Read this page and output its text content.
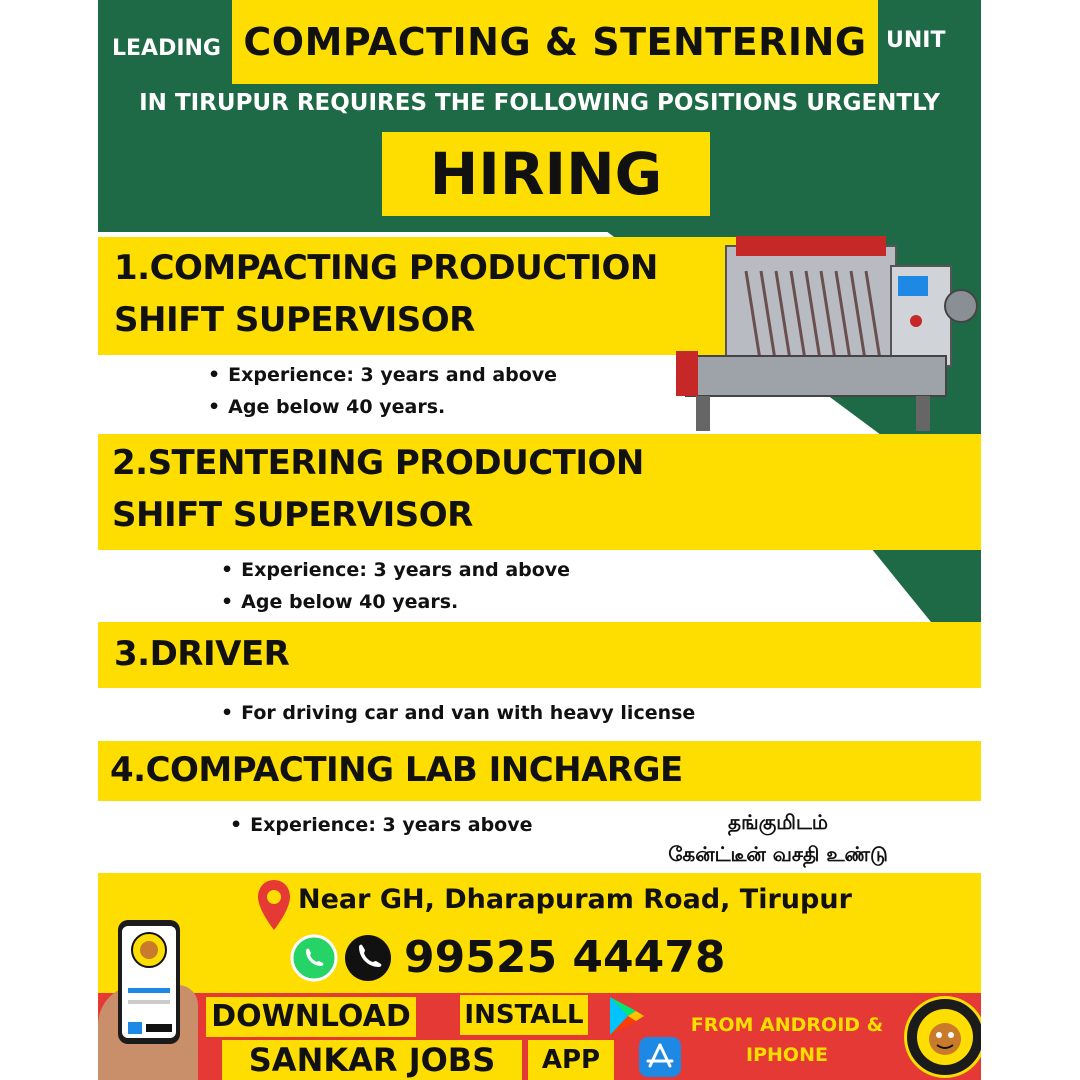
LEADING COMPACTING & STENTERING UNIT
IN TIRUPUR REQUIRES THE FOLLOWING POSITIONS URGENTLY
HIRING
1.COMPACTING PRODUCTION
SHIFT SUPERVISOR
• Experience: 3 years and above
• Age below 40 years.
2.STENTERING PRODUCTION
SHIFT SUPERVISOR
• Experience: 3 years and above
• Age below 40 years.
3.DRIVER
• For driving car and van with heavy license
4.COMPACTING LAB INCHARGE
• Experience: 3 years above	தங்குமிடம்
கேன்ட்டீன் வசதி உண்டு
Near GH, Dharapuram Road, Tirupur
99525 44478
DOWNLOAD INSTALL
SANKAR JOBS	APP
FROM ANDROID &
IPHONE
